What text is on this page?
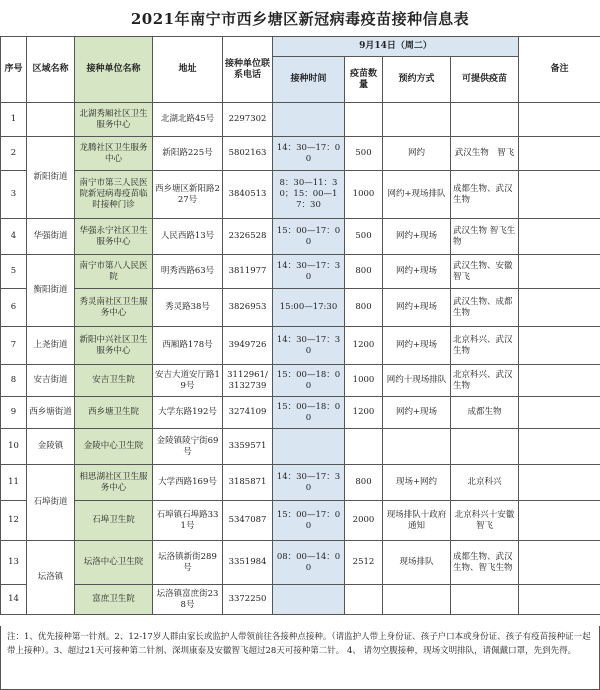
2021年南宁市西乡塘区新冠病毒疫苗接种信息表
序号	区域名称	接种单位名称	地址	接种单位联系电话	9月14日（周二）				备注
					接种时间	疫苗数量	预约方式	可提供疫苗	
1		北湖秀厢社区卫生服务中心	北湖北路45号	2297302					
2	新阳街道	龙腾社区卫生服务中心	新阳路225号	5802163	14：30—17：00	500	网约	武汉生物　智飞	
3		南宁市第三人民医院新冠病毒疫苗临时接种门诊	西乡塘区新阳路227号	3840513	8：30—11：30；15：00—17：30	1000	网约+现场排队	成都生物、武汉生物	
4	华强街道	华强永宁社区卫生服务中心	人民西路13号	2326528	15：00—17：00	500	网约+现场	武汉生物 智飞生物	
5	衡阳街道	南宁市第八人民医院	明秀西路63号	3811977	14：30—17：30	800	网约+现场	武汉生物、安徽智飞	
6		秀灵南社区卫生服务中心	秀灵路38号	3826953	15:00—17:30	800	网约+现场	武汉生物、成都生物	
7	上尧街道	新阳中兴社区卫生服务中心	西厢路178号	3949726	14：30—17：30	1200	网约+现场	北京科兴、武汉生物	
8	安吉街道	安吉卫生院	安吉大道安厅路19号	3112961/3132739	15：00—18：00	1000	网约十现场排队	北京科兴、武汉生物	
9	西乡塘街道	西乡塘卫生院	大学东路192号	3274109	15：00—18：00	1200	网约+现场	成都生物	
10	金陵镇	金陵中心卫生院	金陵镇陵宁街69号	3359571					
11	石埠街道	相思湖社区卫生服务中心	大学西路169号	3185871	14：30—17：30	800	现场+网约	北京科兴	
12		石埠卫生院	石埠镇石埠路331号	5347087	15：00—17：00	2000	现场排队十政府通知	北京科兴十安徽智飞	
13	坛洛镇	坛洛中心卫生院	坛洛镇新街289号	3351984	08：00—14：00	2512	现场排队	成都生物、武汉生物、智飞生物	
14		富庶卫生院	坛洛镇富庶街238号	3372250					
注：1、优先接种第一针剂。2、12-17岁人群由家长或监护人带领前往各接种点接种。（请监护人带上身份证、孩子户口本或身份证、孩子有疫苗接种证一起带上接种）。3、超过21天可接种第二针剂、深圳康泰及安徽智飞超过28天可接种第二针。 4、 请勿空腹接种，现场文明排队，请佩戴口罩，先到先得。
